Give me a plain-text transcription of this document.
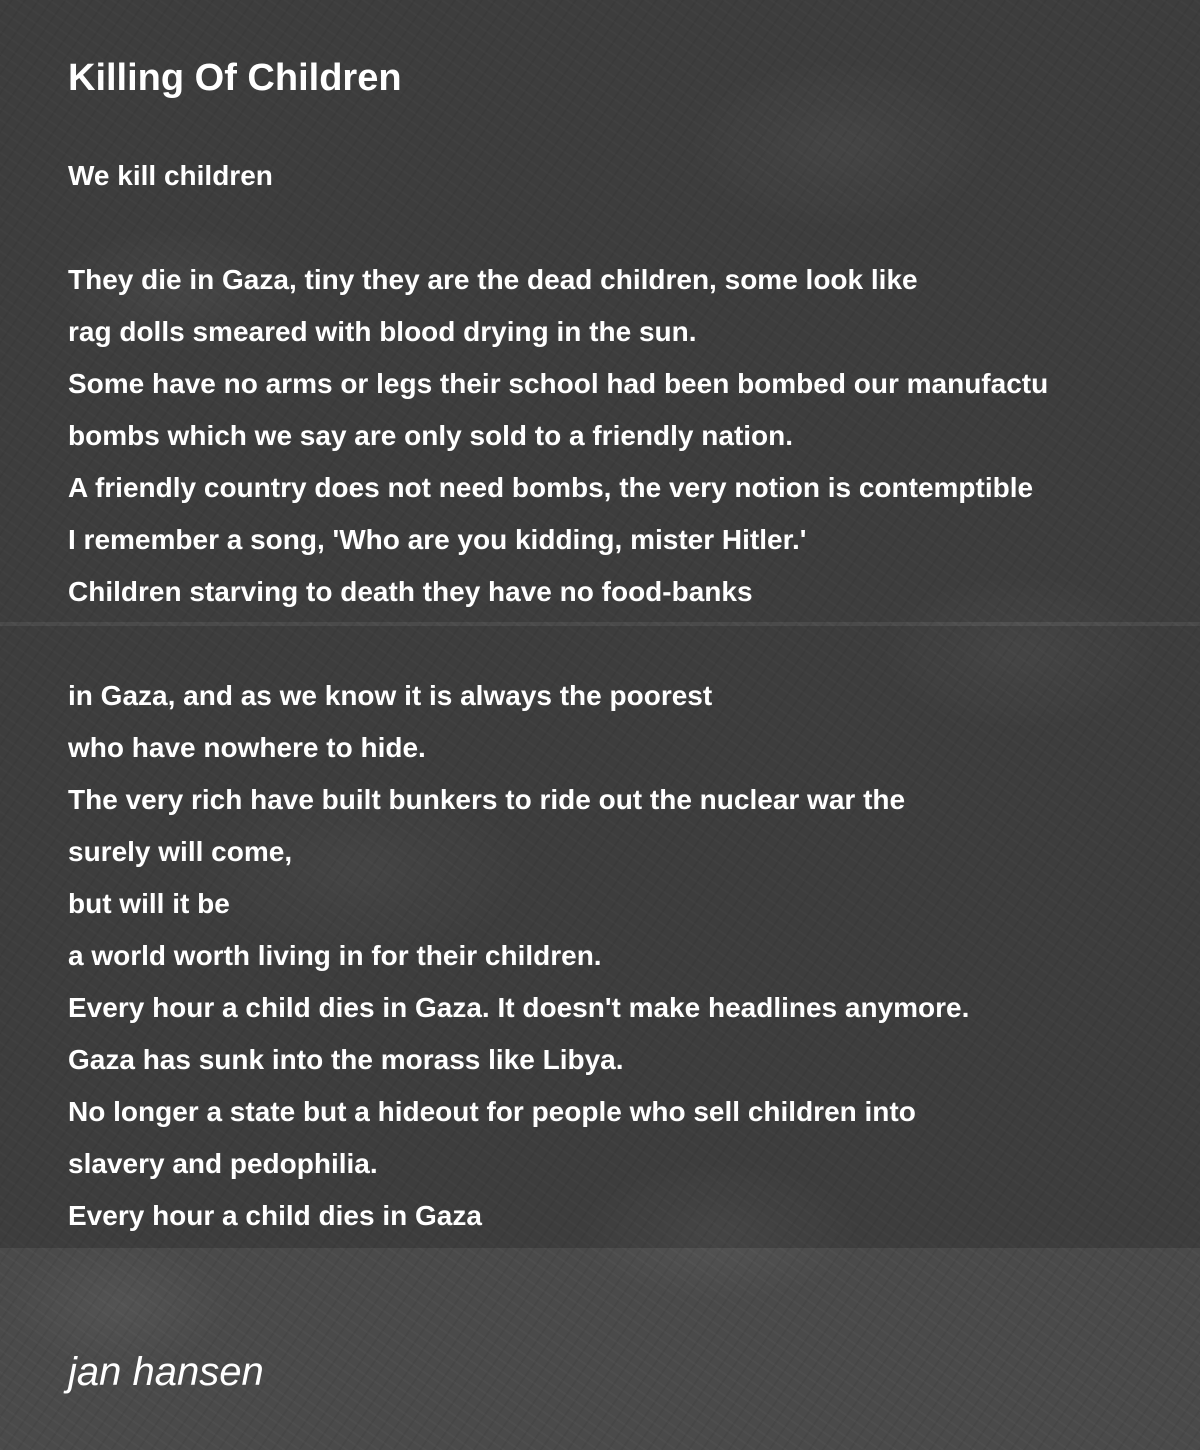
Killing Of Children
We kill children
They die in Gaza, tiny they are the dead children, some look like
rag dolls smeared with blood drying in the sun.
Some have no arms or legs their school had been bombed our manufactu
bombs which we say are only sold to a friendly nation.
A friendly country does not need bombs, the very notion is contemptible
I remember a song, 'Who are you kidding, mister Hitler.'
Children starving to death they have no food-banks
in Gaza, and as we know it is always the poorest
who have nowhere to hide.
The very rich have built bunkers to ride out the nuclear war the
surely will come,
but will it be
a world worth living in for their children.
Every hour a child dies in Gaza. It doesn't make headlines anymore.
Gaza has sunk into the morass like Libya.
No longer a state but a hideout for people who sell children into
slavery and pedophilia.
Every hour a child dies in Gaza
jan hansen
